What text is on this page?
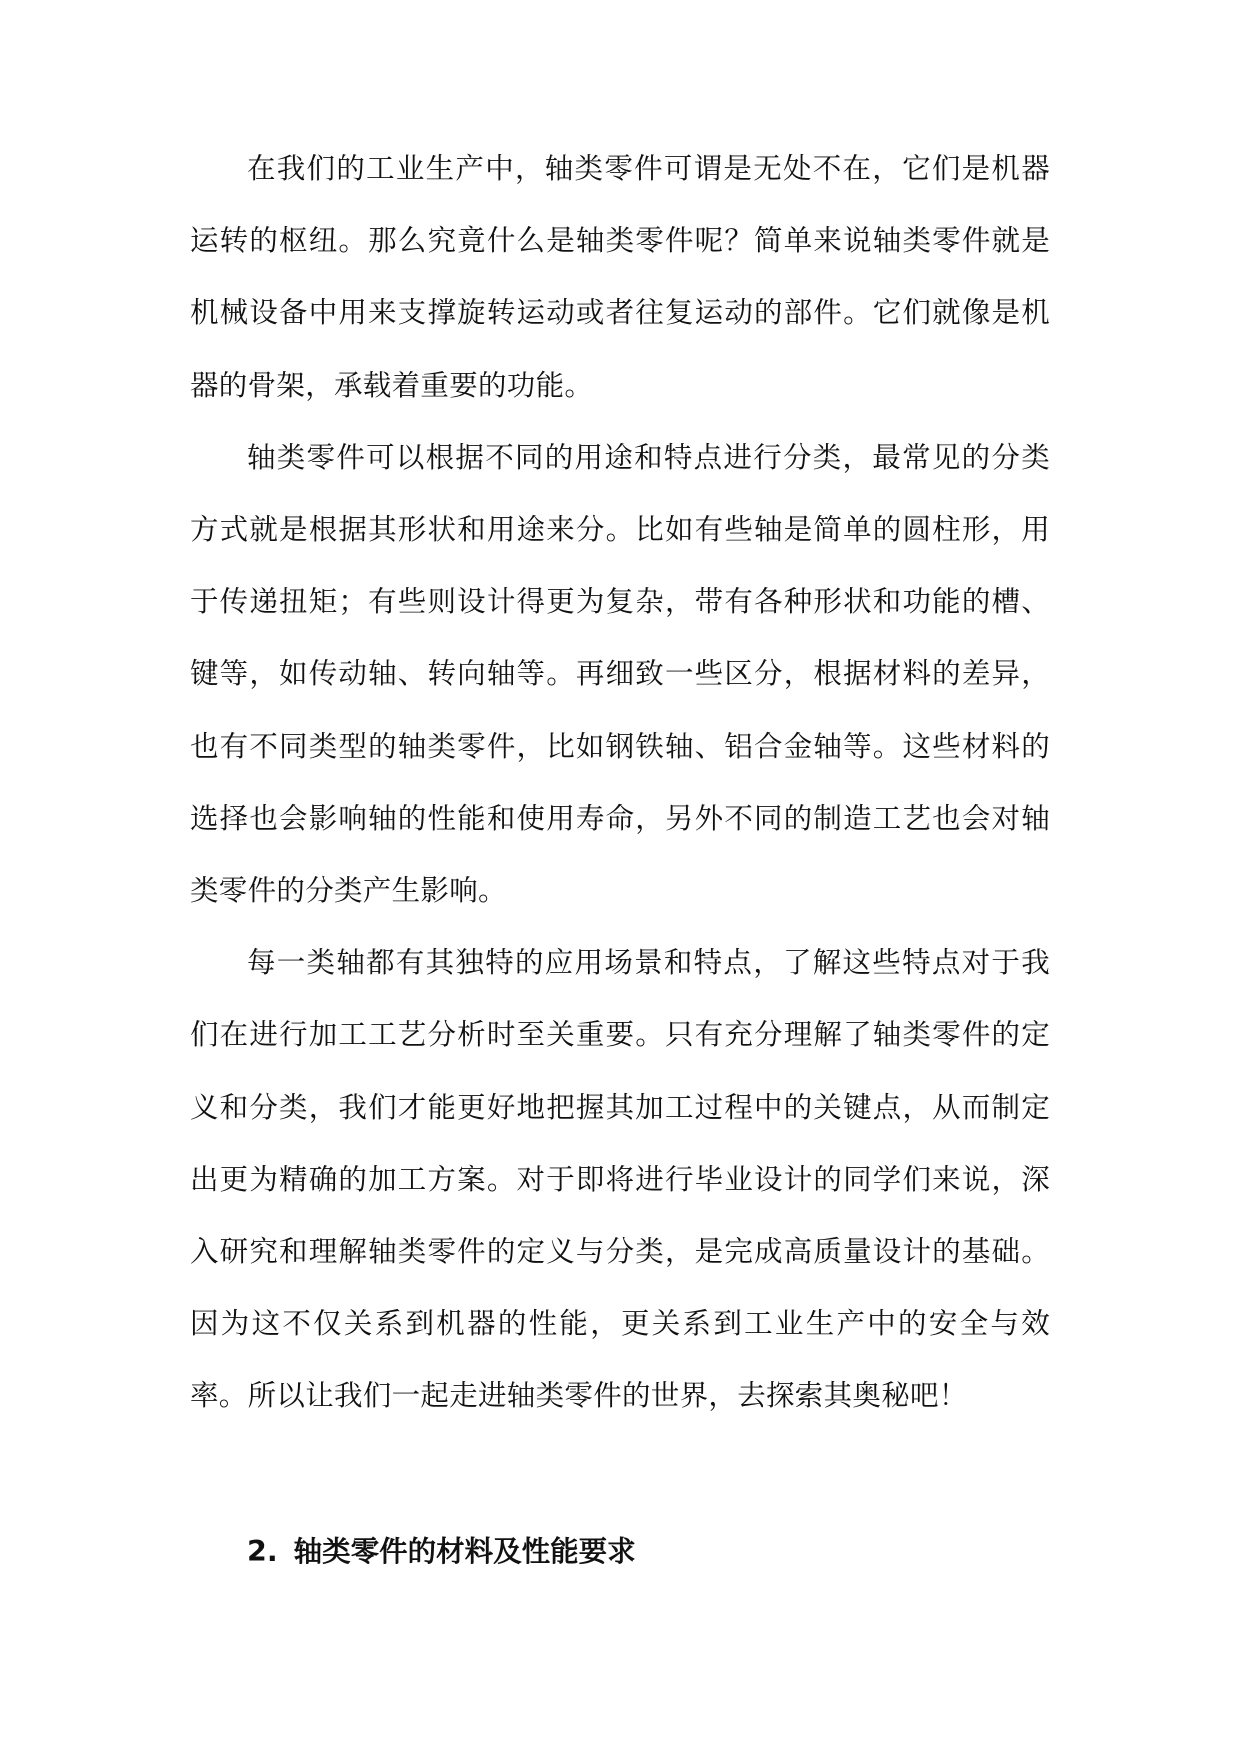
在我们的工业生产中，轴类零件可谓是无处不在，它们是机器运转的枢纽。那么究竟什么是轴类零件呢？简单来说轴类零件就是机械设备中用来支撑旋转运动或者往复运动的部件。它们就像是机器的骨架，承载着重要的功能。

轴类零件可以根据不同的用途和特点进行分类，最常见的分类方式就是根据其形状和用途来分。比如有些轴是简单的圆柱形，用于传递扭矩；有些则设计得更为复杂，带有各种形状和功能的槽、键等，如传动轴、转向轴等。再细致一些区分，根据材料的差异，也有不同类型的轴类零件，比如钢铁轴、铝合金轴等。这些材料的选择也会影响轴的性能和使用寿命，另外不同的制造工艺也会对轴类零件的分类产生影响。

每一类轴都有其独特的应用场景和特点，了解这些特点对于我们在进行加工工艺分析时至关重要。只有充分理解了轴类零件的定义和分类，我们才能更好地把握其加工过程中的关键点，从而制定出更为精确的加工方案。对于即将进行毕业设计的同学们来说，深入研究和理解轴类零件的定义与分类，是完成高质量设计的基础。因为这不仅关系到机器的性能，更关系到工业生产中的安全与效率。所以让我们一起走进轴类零件的世界，去探索其奥秘吧！

2. 轴类零件的材料及性能要求
